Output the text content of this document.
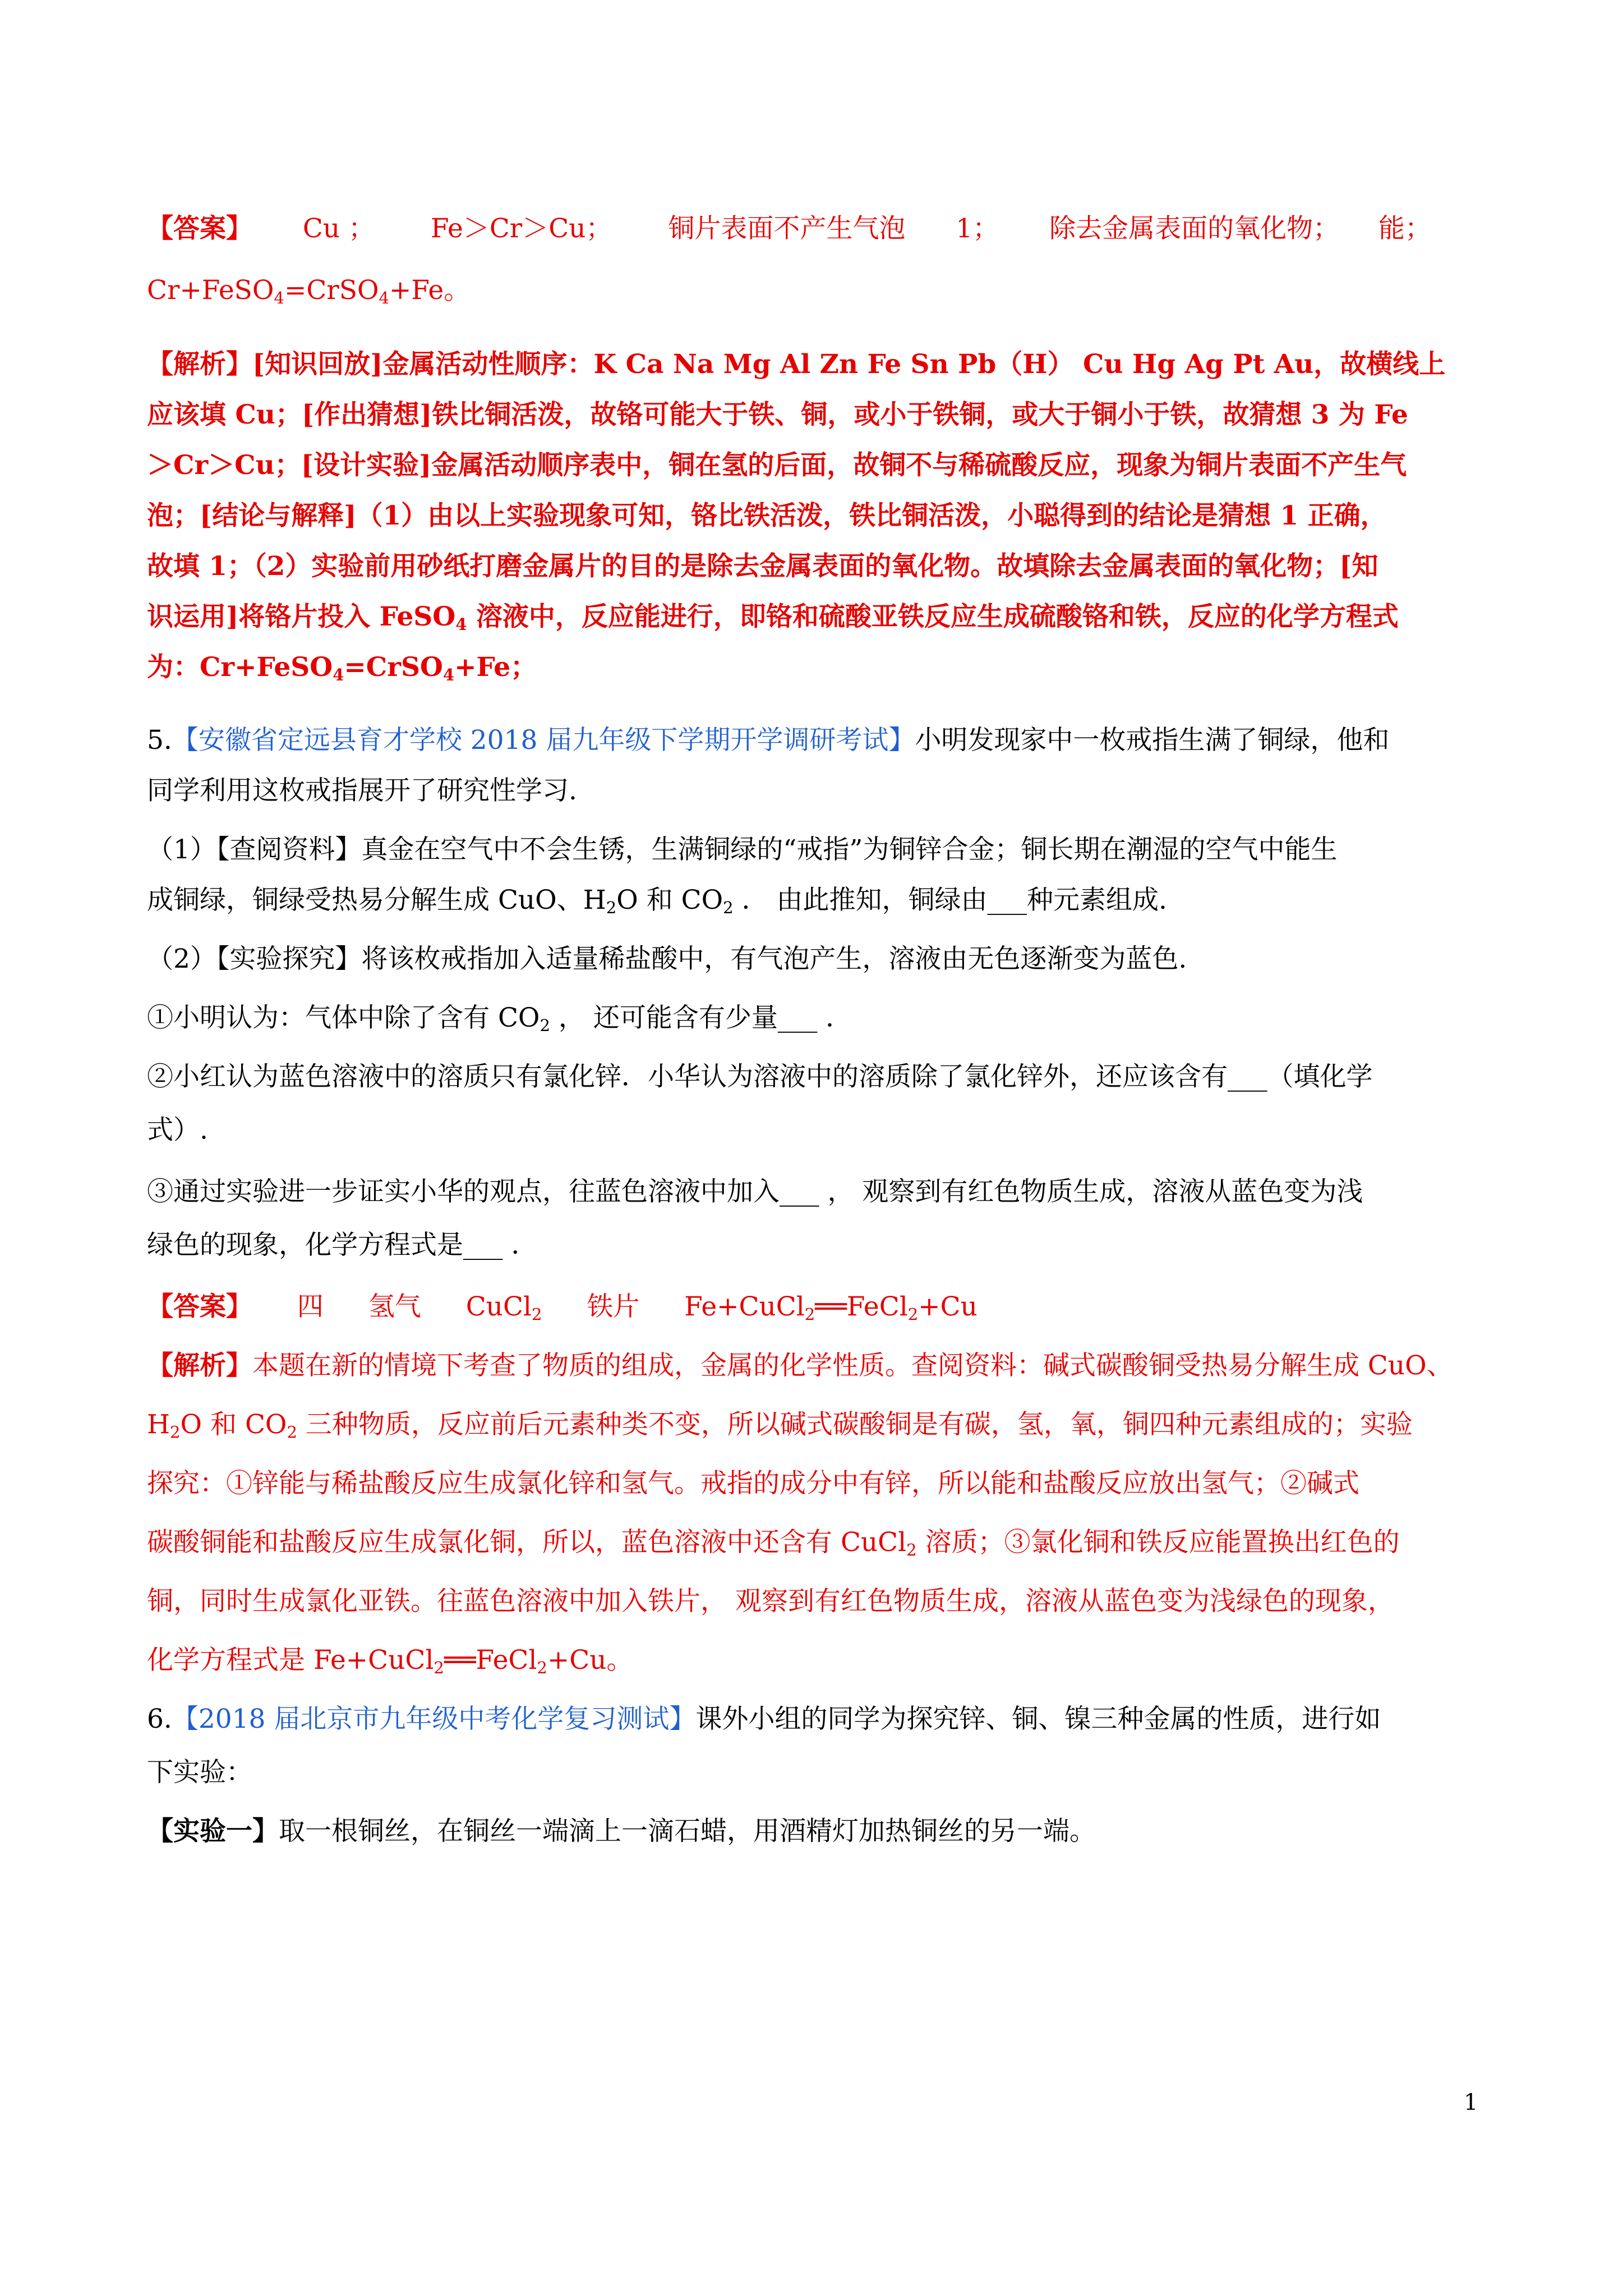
【答案】 Cu ； Fe＞Cr＞Cu； 铜片表面不产生气泡 1； 除去金属表面的氧化物； 能；
Cr+FeSO$_4$=CrSO$_4$+Fe。
【解析】[知识回放]金属活动性顺序：K Ca Na Mg Al Zn Fe Sn Pb（H） Cu Hg Ag Pt Au，故横线上
应该填 Cu；[作出猜想]铁比铜活泼，故铬可能大于铁、铜，或小于铁铜，或大于铜小于铁，故猜想 3 为 Fe
＞Cr＞Cu；[设计实验]金属活动顺序表中，铜在氢的后面，故铜不与稀硫酸反应，现象为铜片表面不产生气
泡；[结论与解释]（1）由以上实验现象可知，铬比铁活泼，铁比铜活泼，小聪得到的结论是猜想 1 正确，
故填 1；（2）实验前用砂纸打磨金属片的目的是除去金属表面的氧化物。故填除去金属表面的氧化物；[知
识运用]将铬片投入 FeSO$_4$ 溶液中，反应能进行，即铬和硫酸亚铁反应生成硫酸铬和铁，反应的化学方程式
为：Cr+FeSO$_4$=CrSO$_4$+Fe；
5.【安徽省定远县育才学校 2018 届九年级下学期开学调研考试】小明发现家中一枚戒指生满了铜绿，他和
同学利用这枚戒指展开了研究性学习.
（1）【查阅资料】真金在空气中不会生锈，生满铜绿的“戒指”为铜锌合金；铜长期在潮湿的空气中能生
成铜绿，铜绿受热易分解生成 CuO、$H_2O$ 和 $CO_2$ ． 由此推知，铜绿由___种元素组成.
（2）【实验探究】将该枚戒指加入适量稀盐酸中，有气泡产生，溶液由无色逐渐变为蓝色.
①小明认为：气体中除了含有 $CO_2$ ， 还可能含有少量___ ．
②小红认为蓝色溶液中的溶质只有氯化锌．小华认为溶液中的溶质除了氯化锌外，还应该含有___（填化学
式）.
③通过实验进一步证实小华的观点，往蓝色溶液中加入___ ， 观察到有红色物质生成，溶液从蓝色变为浅
绿色的现象，化学方程式是___ ．
【答案】 四 氢气 CuCl$_2$ 铁片 Fe+CuCl$_2$══FeCl$_2$+Cu
【解析】本题在新的情境下考查了物质的组成，金属的化学性质。查阅资料：碱式碳酸铜受热易分解生成 CuO、
$H_2O$ 和 $CO_2$ 三种物质，反应前后元素种类不变，所以碱式碳酸铜是有碳，氢，氧，铜四种元素组成的；实验
探究：①锌能与稀盐酸反应生成氯化锌和氢气。戒指的成分中有锌，所以能和盐酸反应放出氢气；②碱式
碳酸铜能和盐酸反应生成氯化铜，所以，蓝色溶液中还含有 CuCl$_2$ 溶质；③氯化铜和铁反应能置换出红色的
铜，同时生成氯化亚铁。往蓝色溶液中加入铁片， 观察到有红色物质生成，溶液从蓝色变为浅绿色的现象，
化学方程式是 Fe+CuCl$_2$══FeCl$_2$+Cu。
6.【2018 届北京市九年级中考化学复习测试】课外小组的同学为探究锌、铜、镍三种金属的性质，进行如
下实验：
【实验一】取一根铜丝，在铜丝一端滴上一滴石蜡，用酒精灯加热铜丝的另一端。
1
